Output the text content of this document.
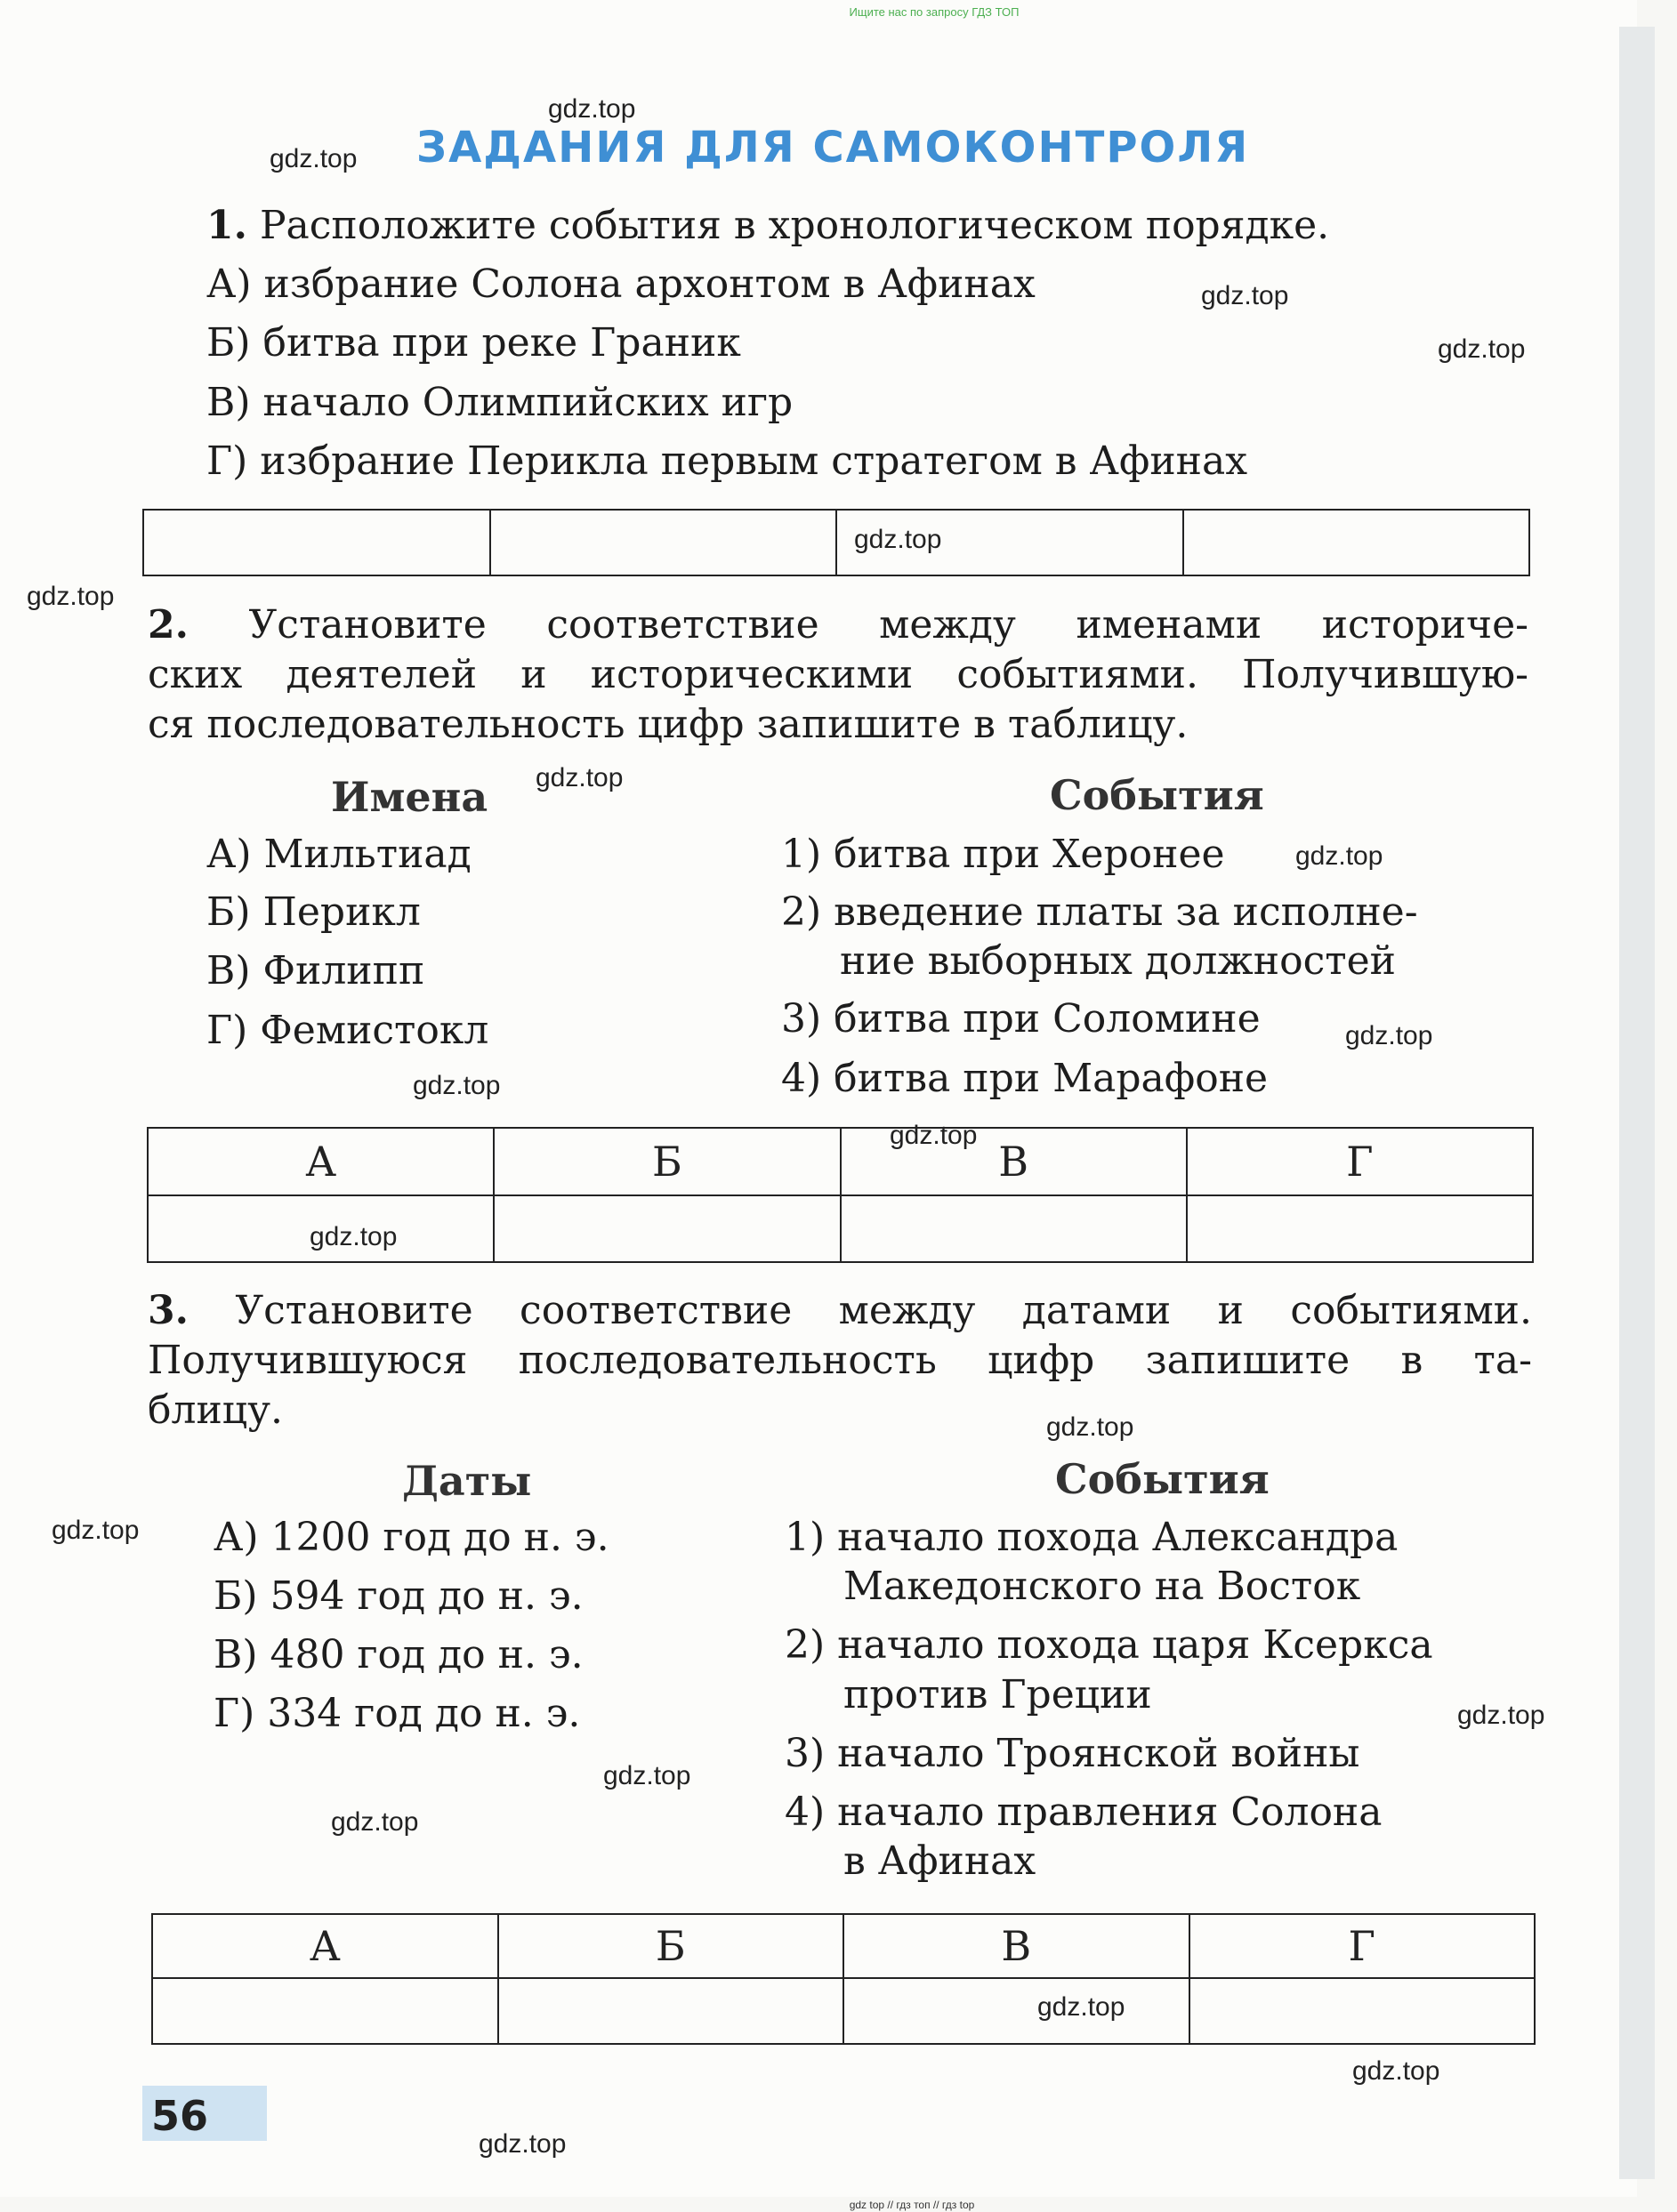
Ищите нас по запросу ГДЗ ТОП
ЗАДАНИЯ ДЛЯ САМОКОНТРОЛЯ
1. Расположите события в хронологическом порядке.
А) избрание Солона архонтом в Афинах
Б) битва при реке Граник
В) начало Олимпийских игр
Г) избрание Перикла первым стратегом в Афинах

2. Установите соответствие между именами историче-
ских деятелей и историческими событиями. Получившую-
ся последовательность цифр запишите в таблицу.
Имена	События
А) Мильтиад
Б) Перикл
В) Филипп
Г) Фемистокл
1) битва при Херонее
2) введение платы за исполне-
ние выборных должностей
3) битва при Соломине
4) битва при Марафоне
А	Б	В	Г

3. Установите соответствие между датами и событиями.
Получившуюся последовательность цифр запишите в та-
блицу.
Даты	События
А) 1200 год до н. э.
Б) 594 год до н. э.
В) 480 год до н. э.
Г) 334 год до н. э.
1) начало похода Александра
Македонского на Восток
2) начало похода царя Ксеркса
против Греции
3) начало Троянской войны
4) начало правления Солона
в Афинах
А	Б	В	Г

56
gdz.top
gdz.top
gdz.top
gdz.top
gdz.top
gdz.top
gdz.top
gdz.top
gdz.top
gdz.top
gdz.top
gdz.top
gdz.top
gdz.top
gdz.top
gdz.top
gdz.top
gdz.top
gdz.top
gdz.top
gdz top // гдз топ // гдз top
